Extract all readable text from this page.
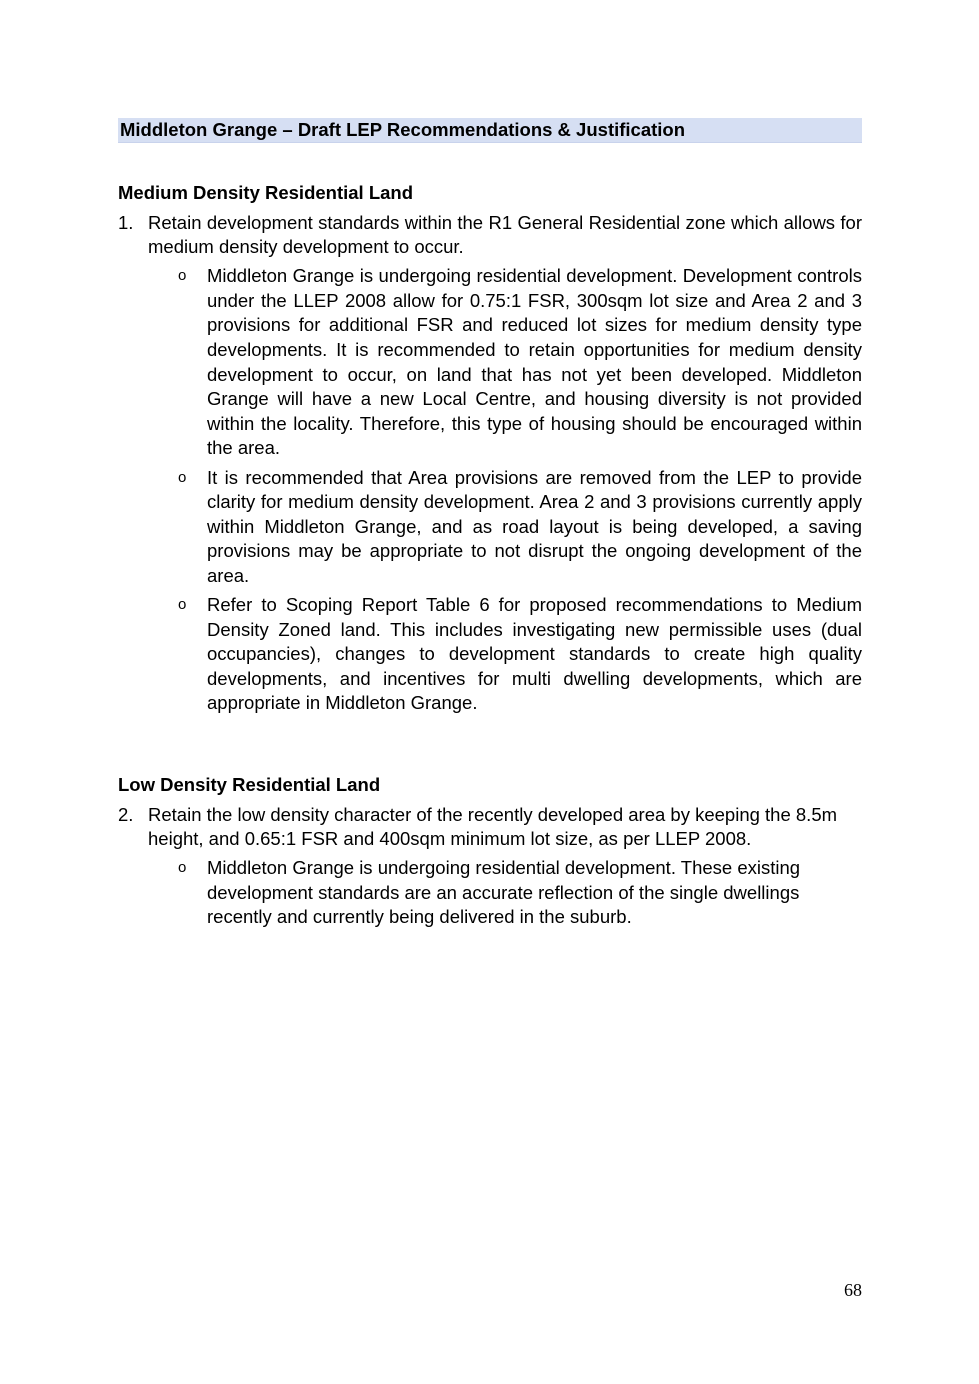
Middleton Grange – Draft LEP Recommendations & Justification
Medium Density Residential Land
1. Retain development standards within the R1 General Residential zone which allows for medium density development to occur.
o Middleton Grange is undergoing residential development. Development controls under the LLEP 2008 allow for 0.75:1 FSR, 300sqm lot size and Area 2 and 3 provisions for additional FSR and reduced lot sizes for medium density type developments. It is recommended to retain opportunities for medium density development to occur, on land that has not yet been developed. Middleton Grange will have a new Local Centre, and housing diversity is not provided within the locality. Therefore, this type of housing should be encouraged within the area.
o It is recommended that Area provisions are removed from the LEP to provide clarity for medium density development. Area 2 and 3 provisions currently apply within Middleton Grange, and as road layout is being developed, a saving provisions may be appropriate to not disrupt the ongoing development of the area.
o Refer to Scoping Report Table 6 for proposed recommendations to Medium Density Zoned land. This includes investigating new permissible uses (dual occupancies), changes to development standards to create high quality developments, and incentives for multi dwelling developments, which are appropriate in Middleton Grange.
Low Density Residential Land
2. Retain the low density character of the recently developed area by keeping the 8.5m height, and 0.65:1 FSR and 400sqm minimum lot size, as per LLEP 2008.
o Middleton Grange is undergoing residential development. These existing development standards are an accurate reflection of the single dwellings recently and currently being delivered in the suburb.
68
